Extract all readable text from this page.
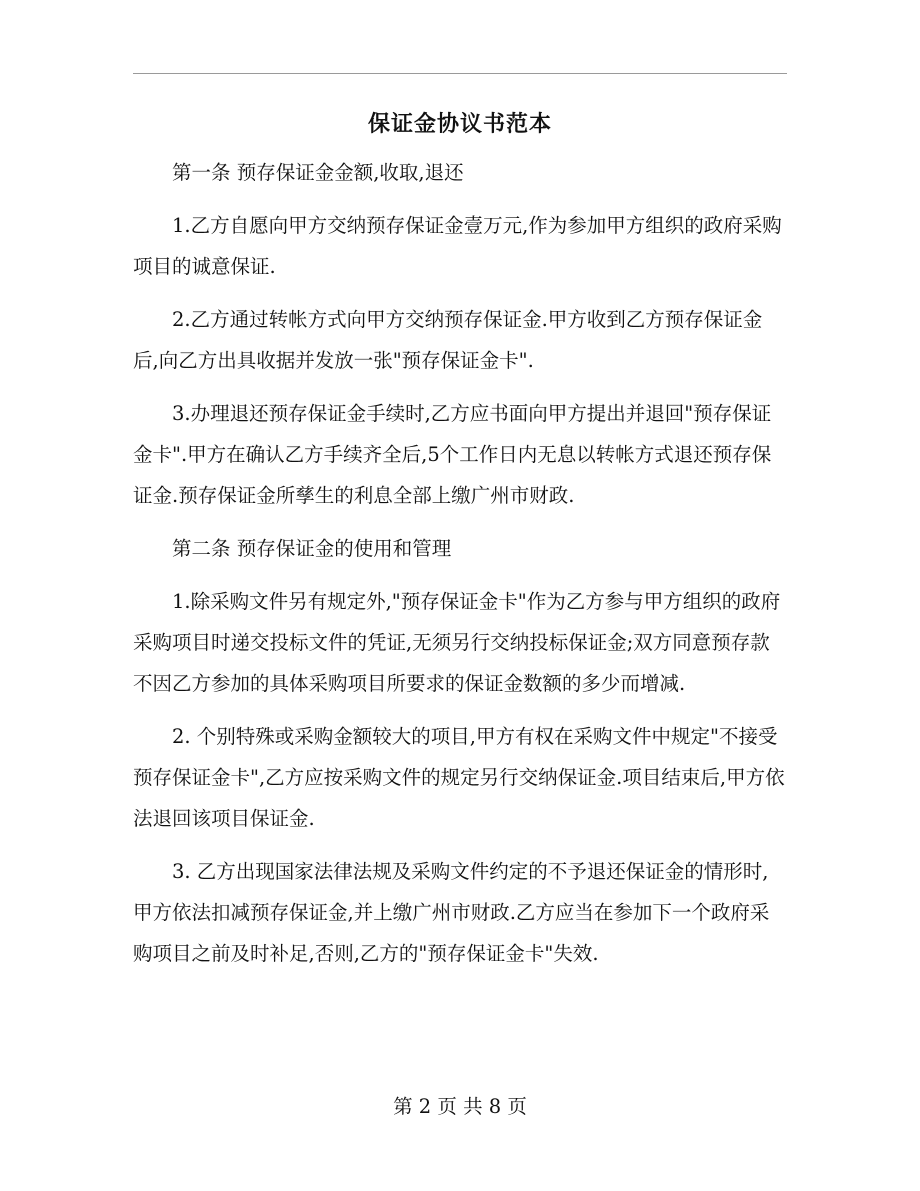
保证金协议书范本

第一条 预存保证金金额,收取,退还

1.乙方自愿向甲方交纳预存保证金壹万元,作为参加甲方组织的政府采购项目的诚意保证.

2.乙方通过转帐方式向甲方交纳预存保证金.甲方收到乙方预存保证金后,向乙方出具收据并发放一张"预存保证金卡".

3.办理退还预存保证金手续时,乙方应书面向甲方提出并退回"预存保证金卡".甲方在确认乙方手续齐全后,5个工作日内无息以转帐方式退还预存保证金.预存保证金所孳生的利息全部上缴广州市财政.

第二条 预存保证金的使用和管理

1.除采购文件另有规定外,"预存保证金卡"作为乙方参与甲方组织的政府采购项目时递交投标文件的凭证,无须另行交纳投标保证金;双方同意预存款不因乙方参加的具体采购项目所要求的保证金数额的多少而增减.

2. 个别特殊或采购金额较大的项目,甲方有权在采购文件中规定"不接受预存保证金卡",乙方应按采购文件的规定另行交纳保证金.项目结束后,甲方依法退回该项目保证金.

3. 乙方出现国家法律法规及采购文件约定的不予退还保证金的情形时,甲方依法扣减预存保证金,并上缴广州市财政.乙方应当在参加下一个政府采购项目之前及时补足,否则,乙方的"预存保证金卡"失效.

第 2 页 共 8 页
